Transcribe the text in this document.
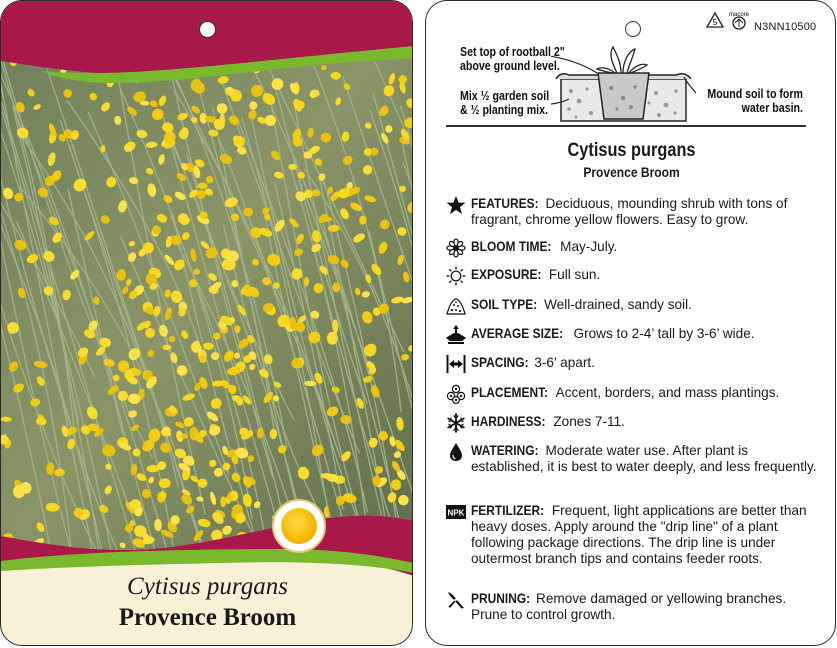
Cytisus purgans
Provence Broom
5
macore
N3NN10500
Set top of rootball 2"
above ground level.
Mix ½ garden soil
& ½ planting mix.
Mound soil to form
water basin.
Cytisus purgans
Provence Broom
FEATURES: Deciduous, mounding shrub with tons of fragrant, chrome yellow flowers. Easy to grow.
BLOOM TIME: May-July.
EXPOSURE: Full sun.
SOIL TYPE: Well-drained, sandy soil.
AVERAGE SIZE: Grows to 2-4’ tall by 3-6’ wide.
SPACING: 3-6’ apart.
PLACEMENT: Accent, borders, and mass plantings.
HARDINESS: Zones 7-11.
WATERING: Moderate water use. After plant is established, it is best to water deeply, and less frequently.
NPK FERTILIZER: Frequent, light applications are better than heavy doses. Apply around the "drip line" of a plant following package directions. The drip line is under outermost branch tips and contains feeder roots.
PRUNING: Remove damaged or yellowing branches. Prune to control growth.
